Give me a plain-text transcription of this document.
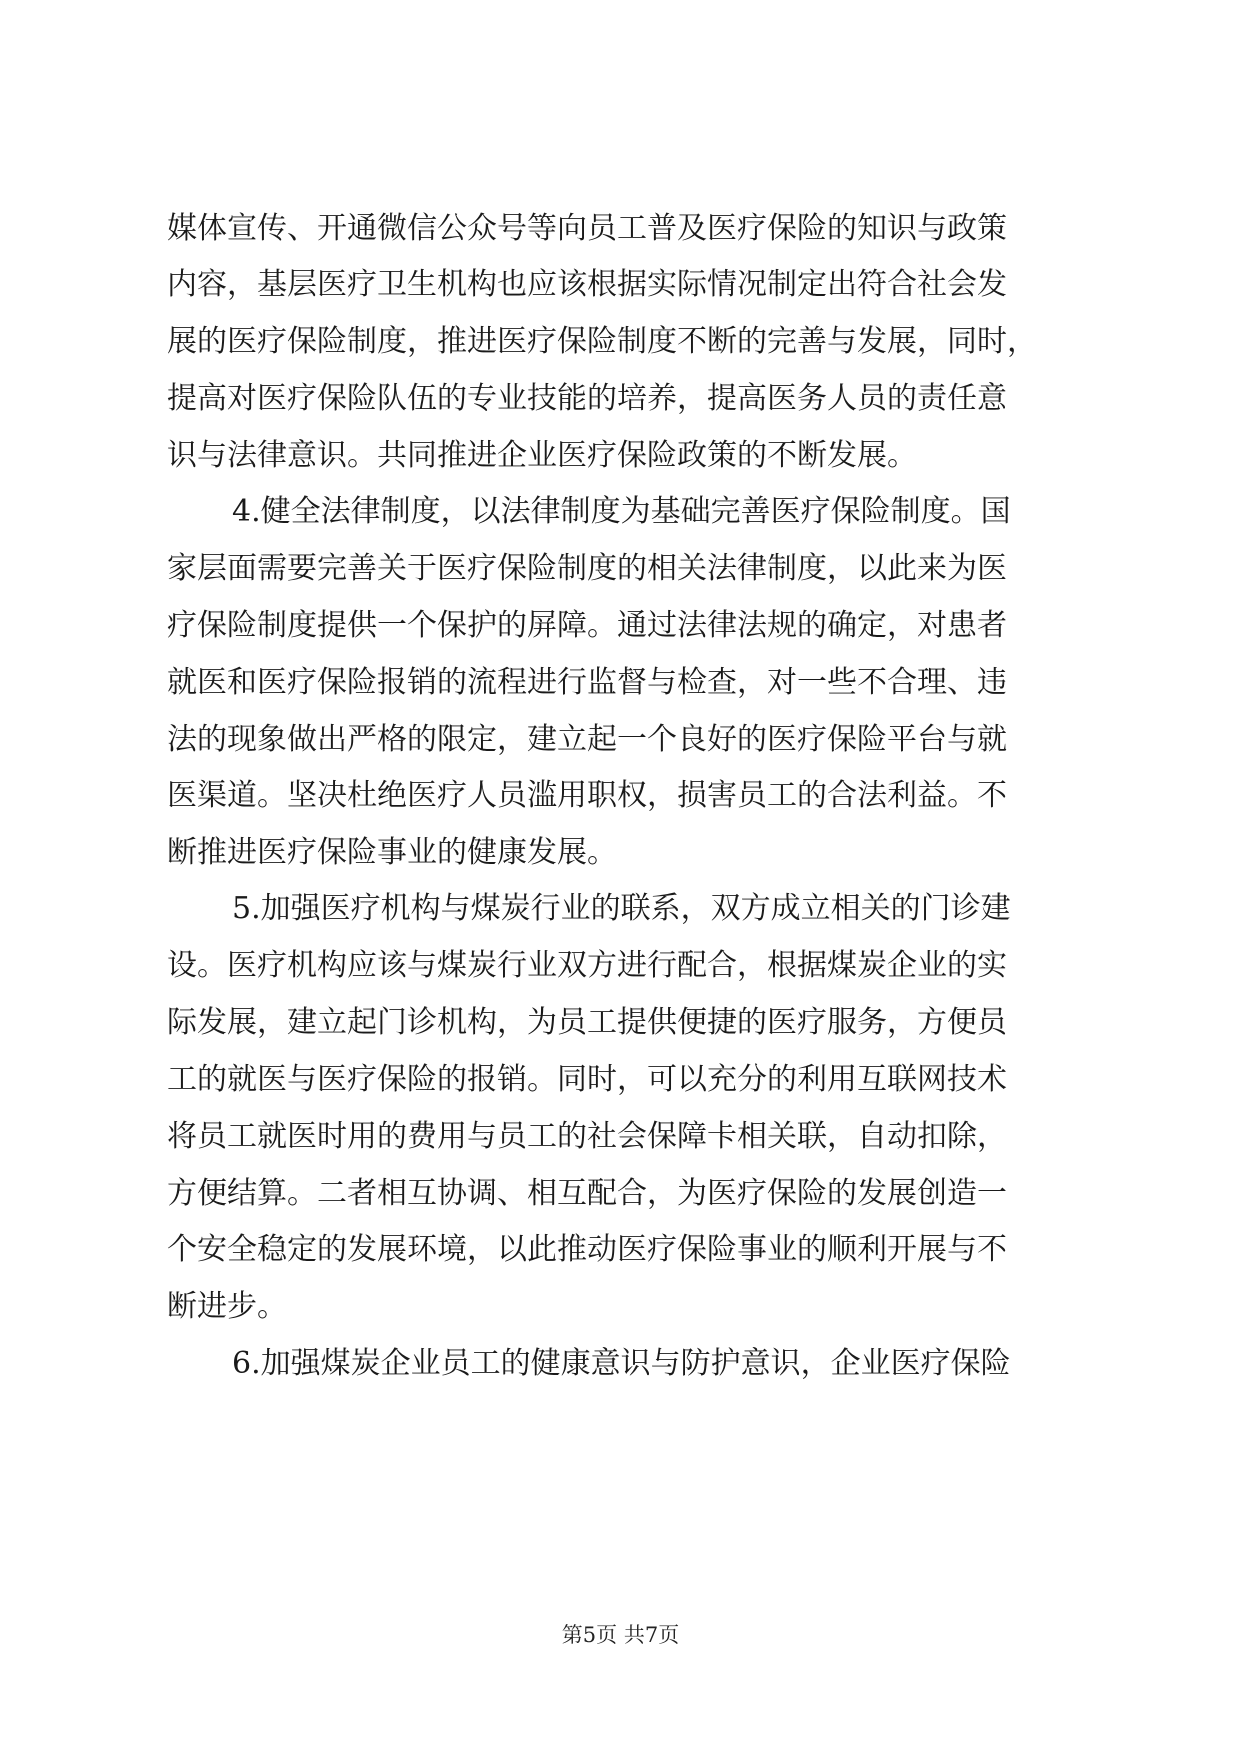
媒体宣传、开通微信公众号等向员工普及医疗保险的知识与政策
内容，基层医疗卫生机构也应该根据实际情况制定出符合社会发
展的医疗保险制度，推进医疗保险制度不断的完善与发展，同时，
提高对医疗保险队伍的专业技能的培养，提高医务人员的责任意
识与法律意识。共同推进企业医疗保险政策的不断发展。
4.健全法律制度，以法律制度为基础完善医疗保险制度。国
家层面需要完善关于医疗保险制度的相关法律制度，以此来为医
疗保险制度提供一个保护的屏障。通过法律法规的确定，对患者
就医和医疗保险报销的流程进行监督与检查，对一些不合理、违
法的现象做出严格的限定，建立起一个良好的医疗保险平台与就
医渠道。坚决杜绝医疗人员滥用职权，损害员工的合法利益。不
断推进医疗保险事业的健康发展。
5.加强医疗机构与煤炭行业的联系，双方成立相关的门诊建
设。医疗机构应该与煤炭行业双方进行配合，根据煤炭企业的实
际发展，建立起门诊机构，为员工提供便捷的医疗服务，方便员
工的就医与医疗保险的报销。同时，可以充分的利用互联网技术
将员工就医时用的费用与员工的社会保障卡相关联，自动扣除，
方便结算。二者相互协调、相互配合，为医疗保险的发展创造一
个安全稳定的发展环境，以此推动医疗保险事业的顺利开展与不
断进步。
6.加强煤炭企业员工的健康意识与防护意识，企业医疗保险
第5页 共7页
